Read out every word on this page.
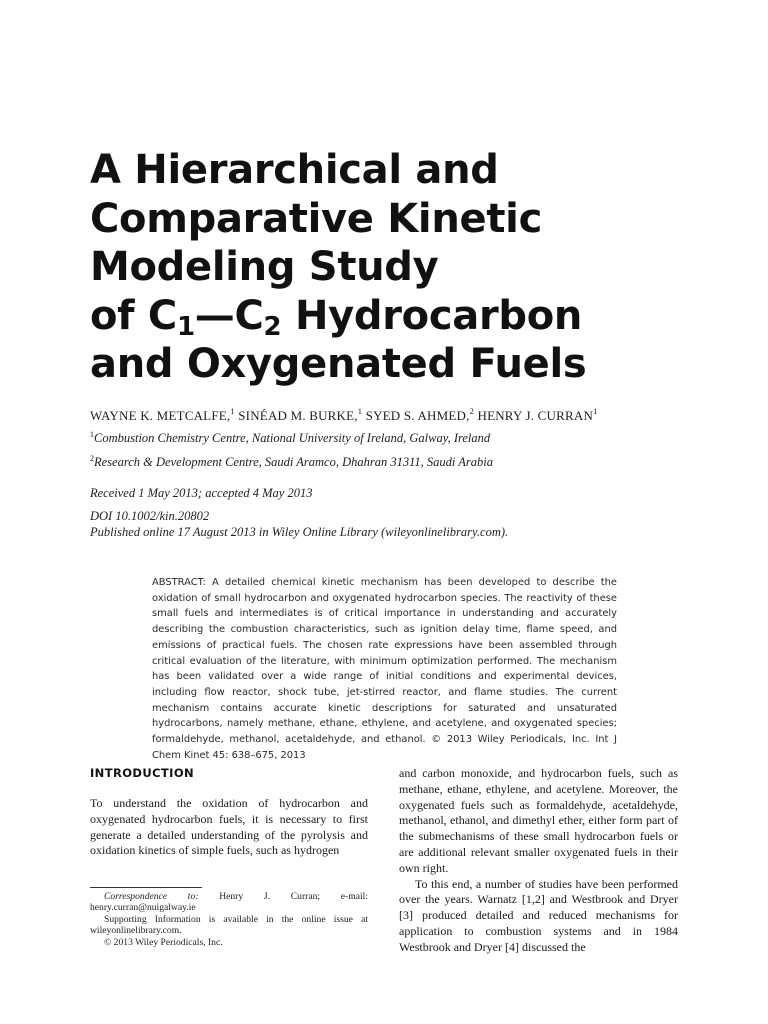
A Hierarchical and
Comparative Kinetic
Modeling Study
of $C_1—C_2$ Hydrocarbon
and Oxygenated Fuels
WAYNE K. METCALFE,$^1$ SINÉAD M. BURKE,$^1$ SYED S. AHMED,$^2$ HENRY J. CURRAN$^1$
$^1$Combustion Chemistry Centre, National University of Ireland, Galway, Ireland
$^2$Research & Development Centre, Saudi Aramco, Dhahran 31311, Saudi Arabia
Received 1 May 2013; accepted 4 May 2013
DOI 10.1002/kin.20802
Published online 17 August 2013 in Wiley Online Library (wileyonlinelibrary.com).

ABSTRACT: A detailed chemical kinetic mechanism has been developed to describe the oxidation of small hydrocarbon and oxygenated hydrocarbon species. The reactivity of these small fuels and intermediates is of critical importance in understanding and accurately describing the combustion characteristics, such as ignition delay time, flame speed, and emissions of practical fuels. The chosen rate expressions have been assembled through critical evaluation of the literature, with minimum optimization performed. The mechanism has been validated over a wide range of initial conditions and experimental devices, including flow reactor, shock tube, jet-stirred reactor, and flame studies. The current mechanism contains accurate kinetic descriptions for saturated and unsaturated hydrocarbons, namely methane, ethane, ethylene, and acetylene, and oxygenated species; formaldehyde, methanol, acetaldehyde, and ethanol. © 2013 Wiley Periodicals, Inc. Int J Chem Kinet 45: 638–675, 2013

INTRODUCTION

To understand the oxidation of hydrocarbon and oxygenated hydrocarbon fuels, it is necessary to first generate a detailed understanding of the pyrolysis and oxidation kinetics of simple fuels, such as hydrogen

Correspondence to: Henry J. Curran; e-mail: henry.curran@nuigalway.ie

Supporting Information is available in the online issue at wileyonlinelibrary.com.

© 2013 Wiley Periodicals, Inc.

and carbon monoxide, and hydrocarbon fuels, such as methane, ethane, ethylene, and acetylene. Moreover, the oxygenated fuels such as formaldehyde, acetaldehyde, methanol, ethanol, and dimethyl ether, either form part of the submechanisms of these small hydrocarbon fuels or are additional relevant smaller oxygenated fuels in their own right.

To this end, a number of studies have been performed over the years. Warnatz [1,2] and Westbrook and Dryer [3] produced detailed and reduced mechanisms for application to combustion systems and in 1984 Westbrook and Dryer [4] discussed the
